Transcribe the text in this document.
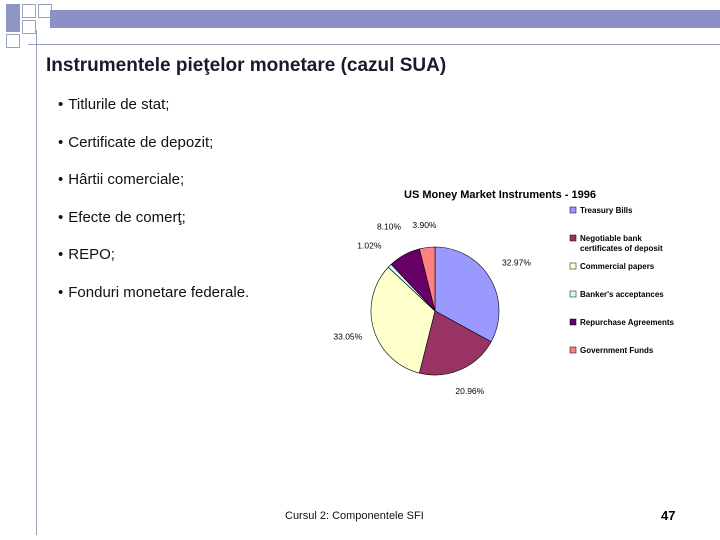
Instrumentele pieţelor monetare (cazul SUA)
• Titlurile de stat;
• Certificate de depozit;
• Hârtii comerciale;
• Efecte de comerţ;
• REPO;
• Fonduri monetare federale.
US Money Market Instruments - 1996
32.97%
20.96%
33.05%
1.02%
8.10% 3.90%
Treasury Bills
Negotiable bank
certificates of deposit
Commercial papers
Banker's acceptances
Repurchase Agreements
Government Funds
Cursul 2: Componentele SFI	47
